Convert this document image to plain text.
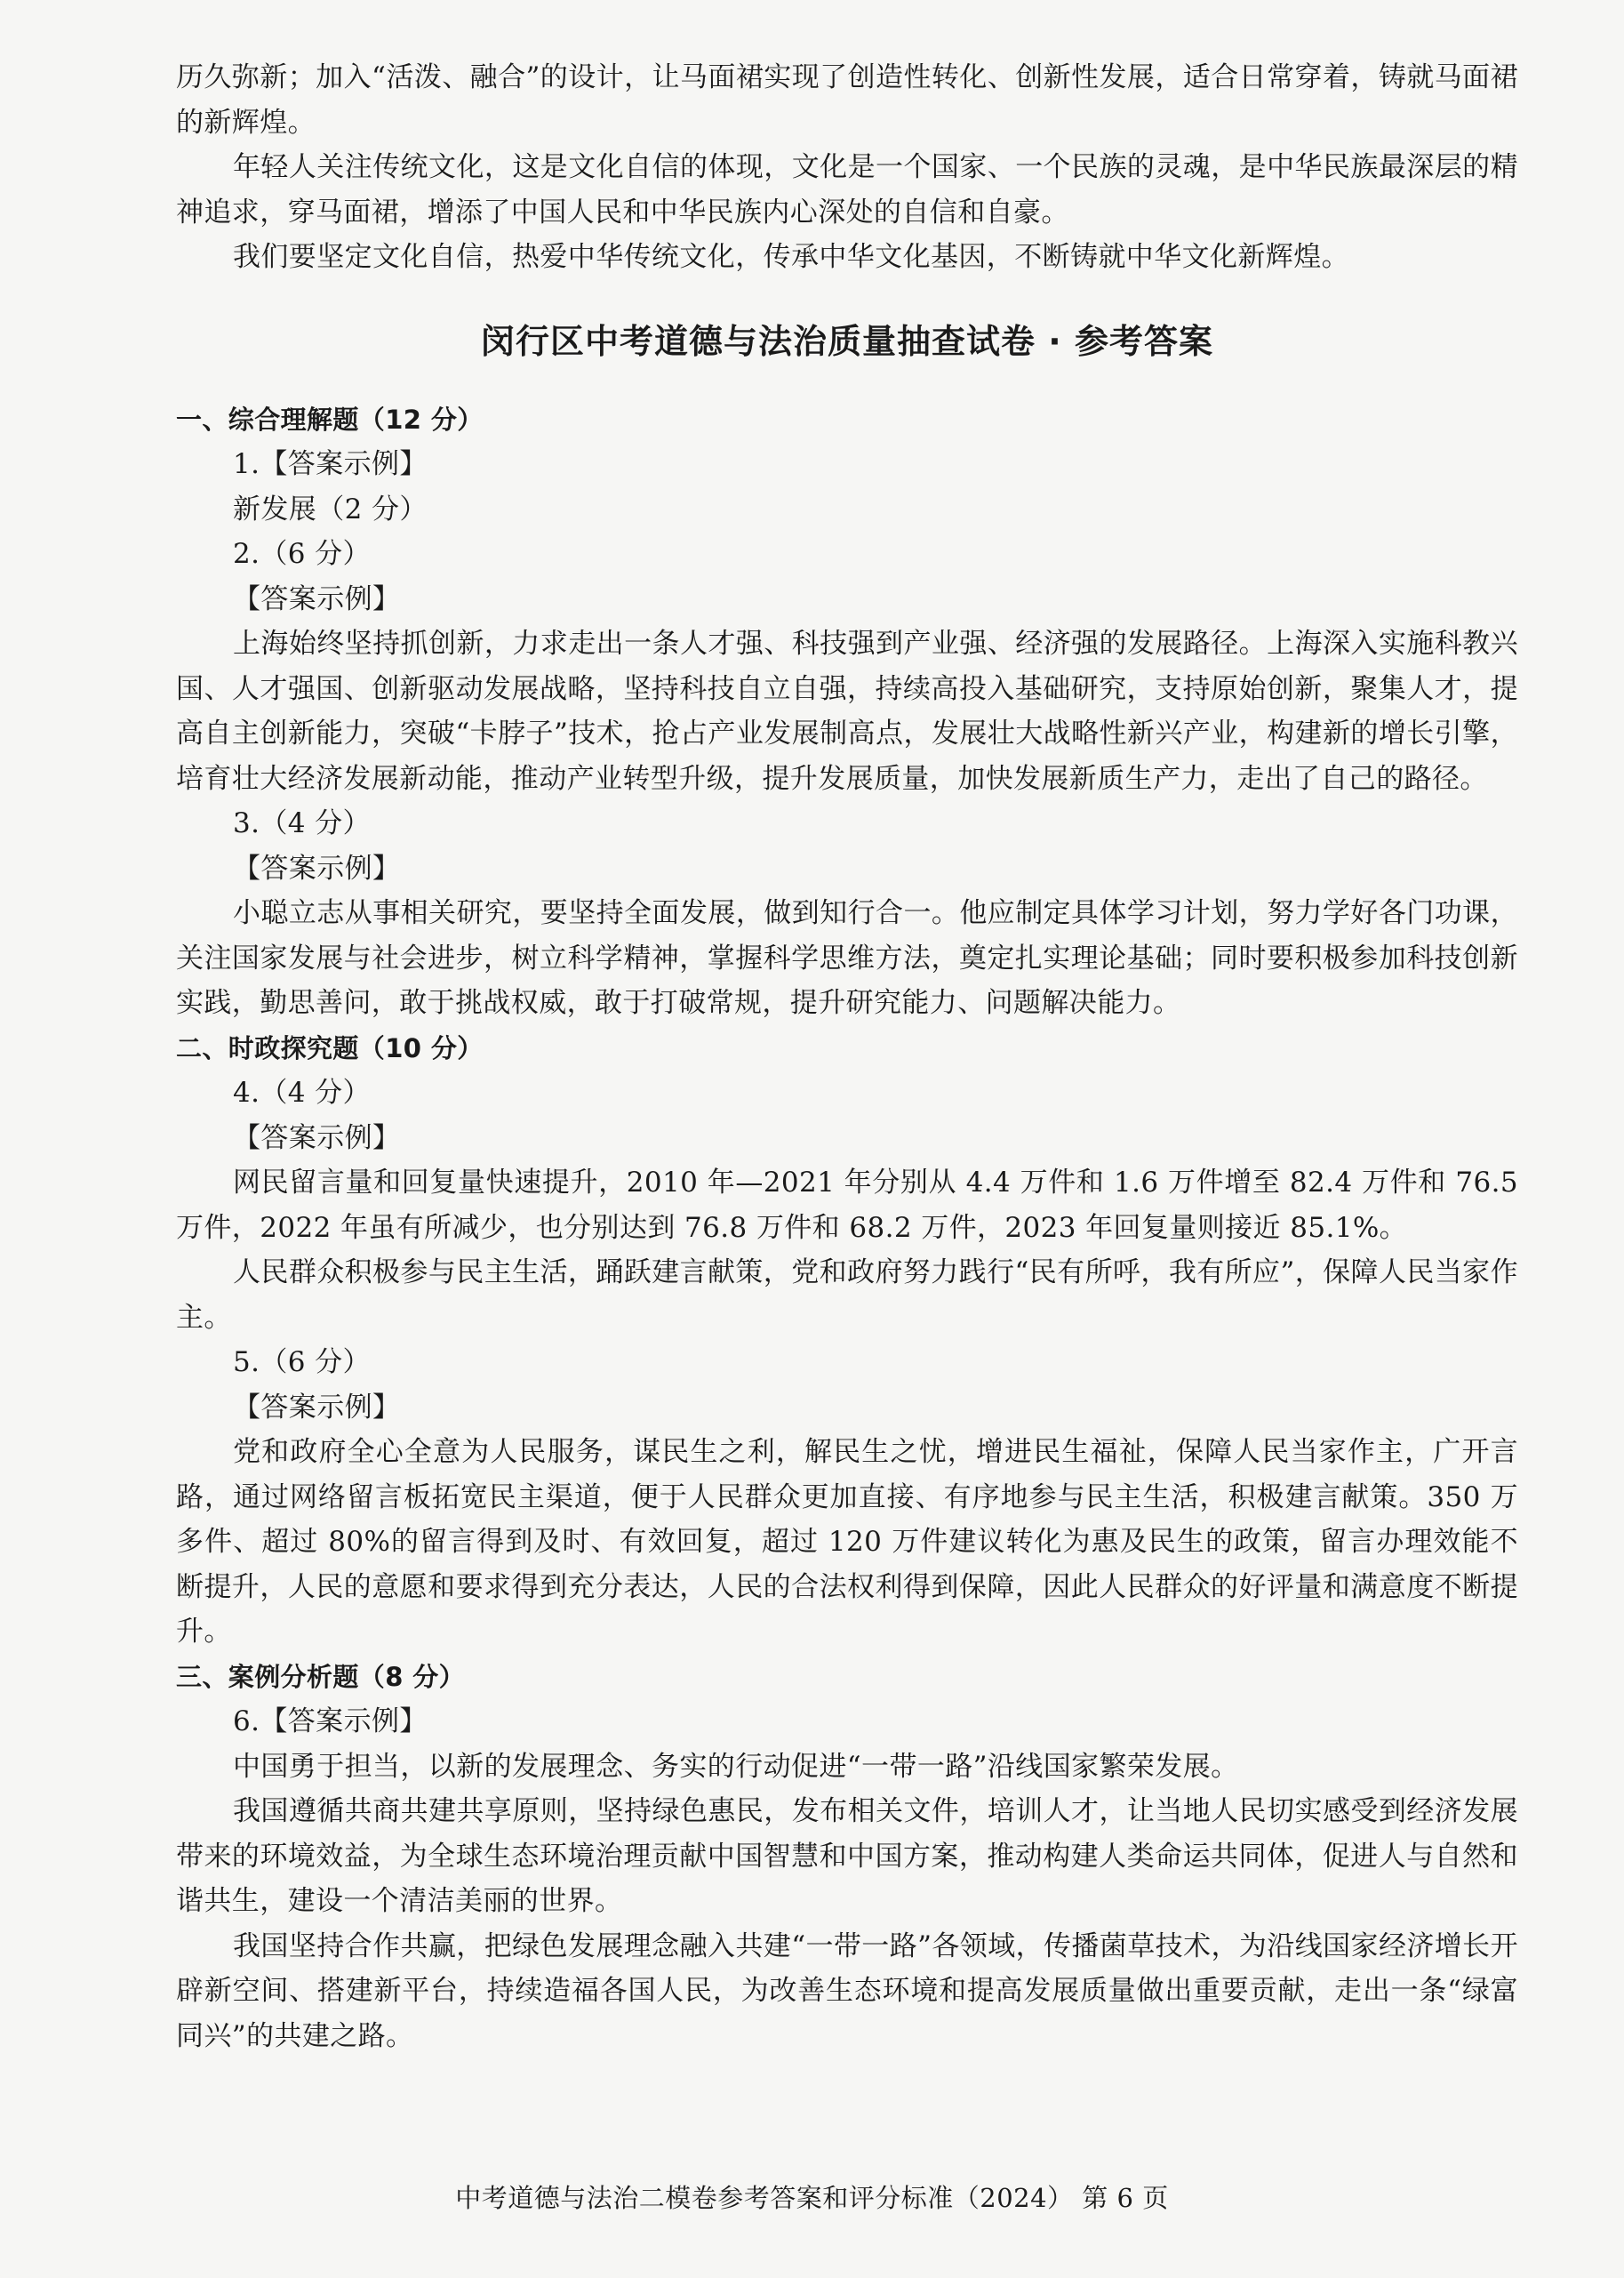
历久弥新；加入“活泼、融合”的设计，让马面裙实现了创造性转化、创新性发展，适合日常穿着，铸就马面裙的新辉煌。

年轻人关注传统文化，这是文化自信的体现，文化是一个国家、一个民族的灵魂，是中华民族最深层的精神追求，穿马面裙，增添了中国人民和中华民族内心深处的自信和自豪。

我们要坚定文化自信，热爱中华传统文化，传承中华文化基因，不断铸就中华文化新辉煌。

闵行区中考道德与法治质量抽查试卷 · 参考答案

一、综合理解题（12 分）

1.【答案示例】

新发展（2 分）

2.（6 分）

【答案示例】

上海始终坚持抓创新，力求走出一条人才强、科技强到产业强、经济强的发展路径。上海深入实施科教兴国、人才强国、创新驱动发展战略，坚持科技自立自强，持续高投入基础研究，支持原始创新，聚集人才，提高自主创新能力，突破“卡脖子”技术，抢占产业发展制高点，发展壮大战略性新兴产业，构建新的增长引擎，培育壮大经济发展新动能，推动产业转型升级，提升发展质量，加快发展新质生产力，走出了自己的路径。

3.（4 分）

【答案示例】

小聪立志从事相关研究，要坚持全面发展，做到知行合一。他应制定具体学习计划，努力学好各门功课，关注国家发展与社会进步，树立科学精神，掌握科学思维方法，奠定扎实理论基础；同时要积极参加科技创新实践，勤思善问，敢于挑战权威，敢于打破常规，提升研究能力、问题解决能力。

二、时政探究题（10 分）

4.（4 分）

【答案示例】

网民留言量和回复量快速提升，2010 年—2021 年分别从 4.4 万件和 1.6 万件增至 82.4 万件和 76.5 万件，2022 年虽有所减少，也分别达到 76.8 万件和 68.2 万件，2023 年回复量则接近 85.1%。

人民群众积极参与民主生活，踊跃建言献策，党和政府努力践行“民有所呼，我有所应”，保障人民当家作主。

5.（6 分）

【答案示例】

党和政府全心全意为人民服务，谋民生之利，解民生之忧，增进民生福祉，保障人民当家作主，广开言路，通过网络留言板拓宽民主渠道，便于人民群众更加直接、有序地参与民主生活，积极建言献策。350 万多件、超过 80%的留言得到及时、有效回复，超过 120 万件建议转化为惠及民生的政策，留言办理效能不断提升，人民的意愿和要求得到充分表达，人民的合法权利得到保障，因此人民群众的好评量和满意度不断提升。

三、案例分析题（8 分）

6.【答案示例】

中国勇于担当，以新的发展理念、务实的行动促进“一带一路”沿线国家繁荣发展。

我国遵循共商共建共享原则，坚持绿色惠民，发布相关文件，培训人才，让当地人民切实感受到经济发展带来的环境效益，为全球生态环境治理贡献中国智慧和中国方案，推动构建人类命运共同体，促进人与自然和谐共生，建设一个清洁美丽的世界。

我国坚持合作共赢，把绿色发展理念融入共建“一带一路”各领域，传播菌草技术，为沿线国家经济增长开辟新空间、搭建新平台，持续造福各国人民，为改善生态环境和提高发展质量做出重要贡献，走出一条“绿富同兴”的共建之路。

中考道德与法治二模卷参考答案和评分标准（2024） 第 6 页
